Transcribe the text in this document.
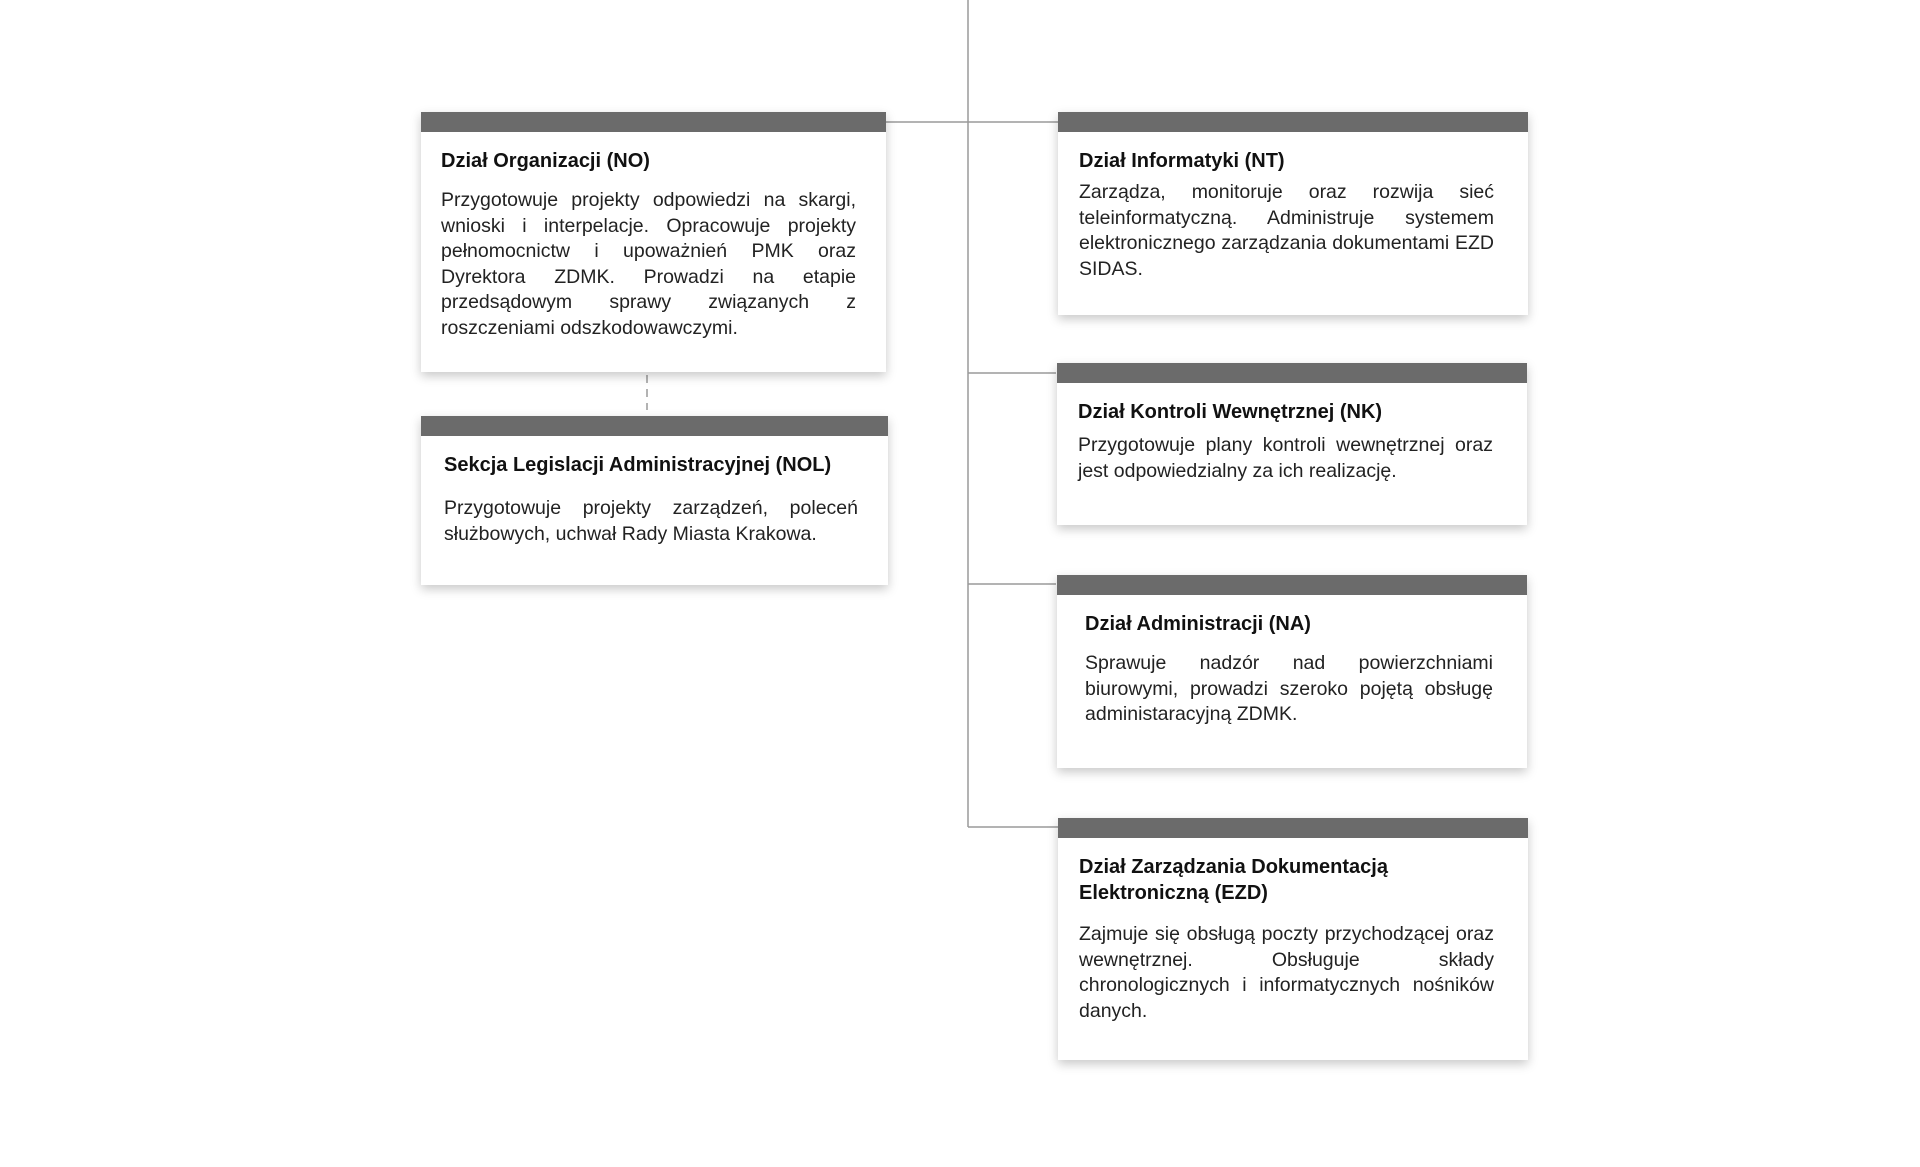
Dział Organizacji (NO)
Przygotowuje projekty odpowiedzi na skargi, wnioski i interpelacje. Opracowuje projekty pełnomocnictw i upoważnień PMK oraz Dyrektora ZDMK. Prowadzi na etapie przedsądowym sprawy związanych z roszczeniami odszkodowawczymi.
Sekcja Legislacji Administracyjnej (NOL)
Przygotowuje projekty zarządzeń, poleceń służbowych, uchwał Rady Miasta Krakowa.
Dział Informatyki (NT)
Zarządza, monitoruje oraz rozwija sieć teleinformatyczną. Administruje systemem elektronicznego zarządzania dokumentami EZD SIDAS.
Dział Kontroli Wewnętrznej (NK)
Przygotowuje plany kontroli wewnętrznej oraz jest odpowiedzialny za ich realizację.
Dział Administracji (NA)
Sprawuje nadzór nad powierzchniami biurowymi, prowadzi szeroko pojętą obsługę administaracyjną ZDMK.
Dział Zarządzania Dokumentacją Elektroniczną (EZD)
Zajmuje się obsługą poczty przychodzącej oraz wewnętrznej. Obsługuje składy chronologicznych i informatycznych nośników danych.
